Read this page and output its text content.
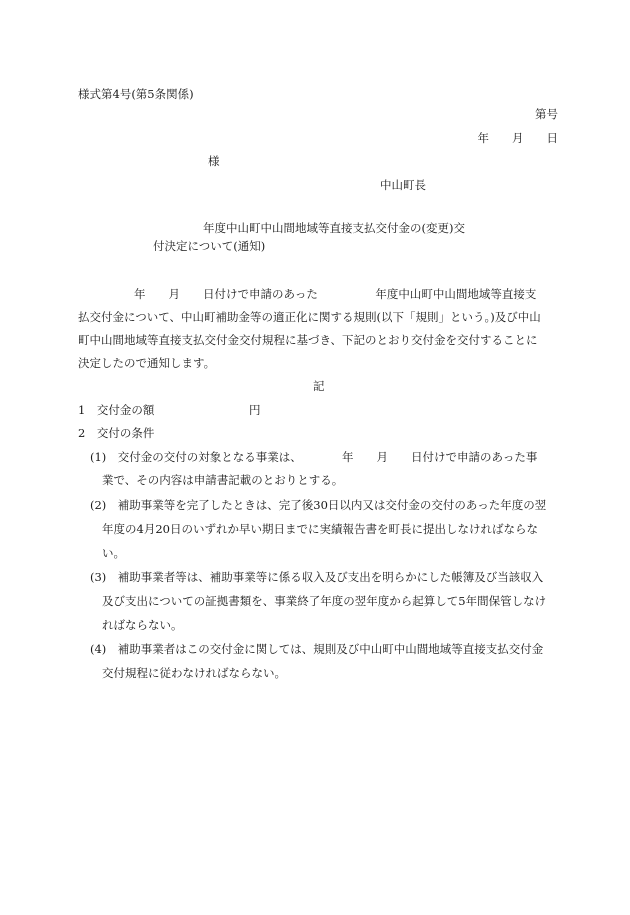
様式第4号(第5条関係)
第号
年　　月　　日
様
中山町長
年度中山町中山間地域等直接支払交付金の(変更)交
付決定について(通知)
年　　月　　日付けで申請のあった　　　　　年度中山町中山間地域等直接支
払交付金について、中山町補助金等の適正化に関する規則(以下「規則」という。)及び中山
町中山間地域等直接支払交付金交付規程に基づき、下記のとおり交付金を交付することに
決定したので通知します。
記
1　交付金の額	円
2　交付の条件
(1)　交付金の交付の対象となる事業は、　　　　年　　月　　日付けで申請のあった事
業で、その内容は申請書記載のとおりとする。
(2)　補助事業等を完了したときは、完了後30日以内又は交付金の交付のあった年度の翌
年度の4月20日のいずれか早い期日までに実績報告書を町長に提出しなければならな
い。
(3)　補助事業者等は、補助事業等に係る収入及び支出を明らかにした帳簿及び当該収入
及び支出についての証拠書類を、事業終了年度の翌年度から起算して5年間保管しなけ
ればならない。
(4)　補助事業者はこの交付金に関しては、規則及び中山町中山間地域等直接支払交付金
交付規程に従わなければならない。
